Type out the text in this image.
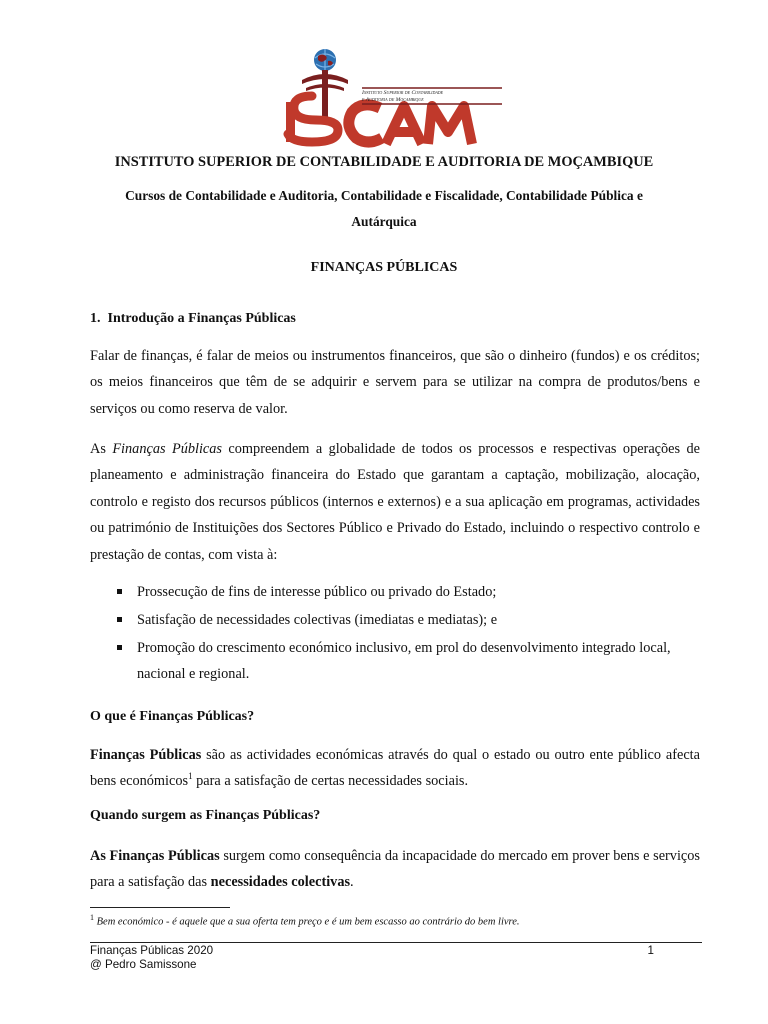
Instituto Superior de Contabilidade
e Auditoria de Moçambique
INSTITUTO SUPERIOR DE CONTABILIDADE E AUDITORIA DE MOÇAMBIQUE
Cursos de Contabilidade e Auditoria, Contabilidade e Fiscalidade, Contabilidade Pública e
Autárquica
FINANÇAS PÚBLICAS
1.  Introdução a Finanças Públicas

Falar de finanças, é falar de meios ou instrumentos financeiros, que são o dinheiro (fundos) e os créditos; os meios financeiros que têm de se adquirir e servem para se utilizar na compra de produtos/bens e serviços ou como reserva de valor.

As Finanças Públicas compreendem a globalidade de todos os processos e respectivas operações de planeamento e administração financeira do Estado que garantam a captação, mobilização, alocação, controlo e registo dos recursos públicos (internos e externos) e a sua aplicação em programas, actividades ou património de Instituições dos Sectores Público e Privado do Estado, incluindo o respectivo controlo e prestação de contas, com vista à:

Prossecução de fins de interesse público ou privado do Estado;
Satisfação de necessidades colectivas (imediatas e mediatas); e
Promoção do crescimento económico inclusivo, em prol do desenvolvimento integrado local, nacional e regional.
O que é Finanças Públicas?

Finanças Públicas são as actividades económicas através do qual o estado ou outro ente público afecta bens económicos$^1$ para a satisfação de certas necessidades sociais.

Quando surgem as Finanças Públicas?

As Finanças Públicas surgem como consequência da incapacidade do mercado em prover bens e serviços para a satisfação das necessidades colectivas.

$^1$ Bem económico - é aquele que a sua oferta tem preço e é um bem escasso ao contrário do bem livre.
Finanças Públicas 2020
@ Pedro Samissone
1
